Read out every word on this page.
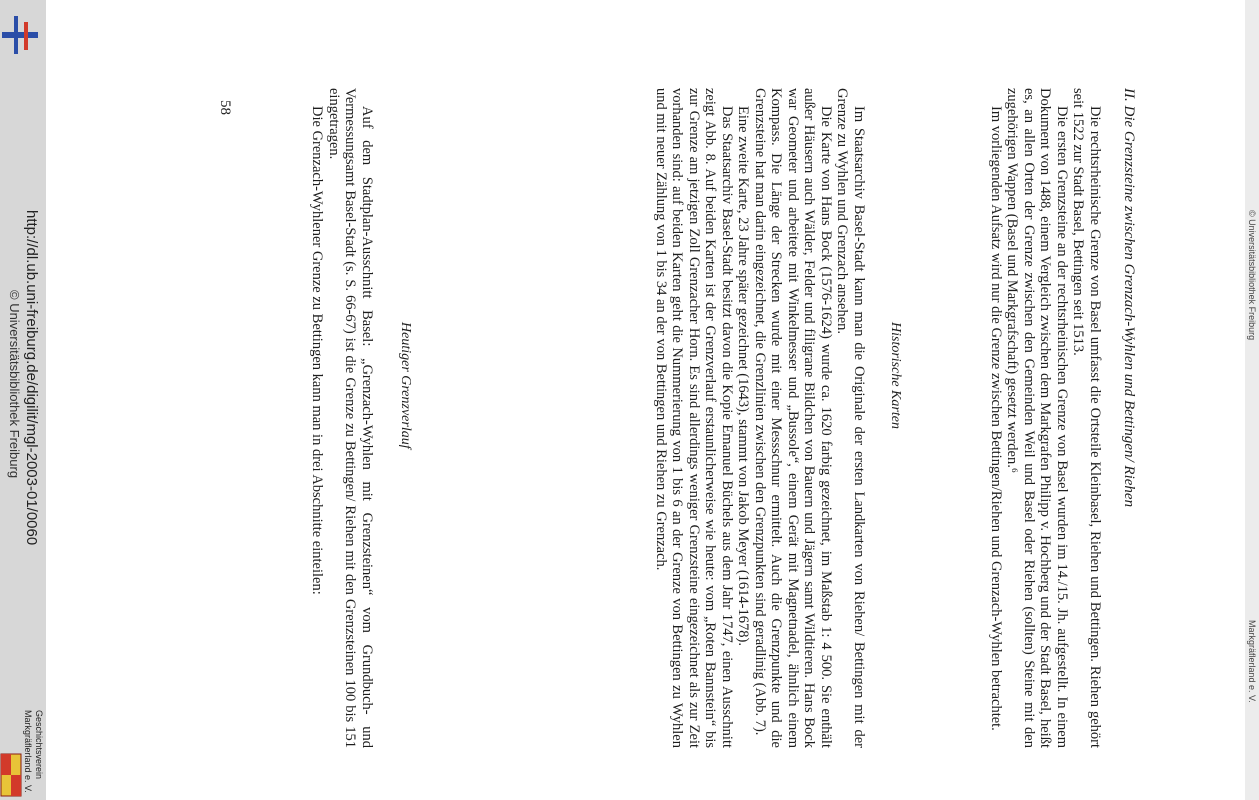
http://dl.ub.uni-freiburg.de/digilit/mgl-2003-01/0060
© Universitätsbibliothek Freiburg	II. Die Grenzsteine zwischen Grenzach-Wyhlen und Bettingen/ Riehen

Die rechtsrheinische Grenze von Basel umfasst die Ortsteile Kleinbasel, Riehen und Bettingen. Riehen gehört seit 1522 zur Stadt Basel, Bettingen seit 1513.

Die ersten Grenzsteine an der rechtsrheinischen Grenze von Basel wurden im 14./15. Jh. aufgestellt. In einem Dokument von 1488, einem Vergleich zwischen dem Markgrafen Philipp v. Hochberg und der Stadt Basel, heißt es, an allen Orten der Grenze zwischen den Gemeinden Weil und Basel oder Riehen (sollten) Steine mit den zugehörigen Wappen (Basel und Markgrafschaft) gesetzt werden.⁶

Im vorliegenden Aufsatz wird nur die Grenze zwischen Bettingen/Riehen und Grenzach-Wyhlen betrachtet.

Historische Karten

Im Staatsarchiv Basel-Stadt kann man die Originale der ersten Landkarten von Riehen/ Bettingen mit der Grenze zu Wyhlen und Grenzach ansehen.

Die Karte von Hans Bock (1576-1624) wurde ca. 1620 farbig gezeichnet, im Maßstab 1: 4 500. Sie enthält außer Häusern auch Wälder, Felder und filigrane Bildchen von Bauern und Jägern samt Wildtieren. Hans Bock war Geometer und arbeitete mit Winkelmesser und „Bussole“, einem Gerät mit Magnetnadel, ähnlich einem Kompass. Die Länge der Strecken wurde mit einer Messschnur ermittelt. Auch die Grenzpunkte und die Grenzsteine hat man darin eingezeichnet, die Grenzlinien zwischen den Grenzpunkten sind geradlinig (Abb. 7).

Eine zweite Karte, 23 Jahre später gezeichnet (1643), stammt von Jakob Meyer (1614-1678).

Das Staatsarchiv Basel-Stadt besitzt davon die Kopie Emanuel Büchels aus dem Jahr 1747, einen Ausschnitt zeigt Abb. 8. Auf beiden Karten ist der Grenzverlauf erstaunlicherweise wie heute: vom „Roten Bannstein“ bis zur Grenze am jetzigen Zoll Grenzacher Horn. Es sind allerdings weniger Grenzsteine eingezeichnet als zur Zeit vorhanden sind: auf beiden Karten geht die Nummerierung von 1 bis 6 an der Grenze von Bettingen zu Wyhlen und mit neuer Zählung von 1 bis 34 an der von Bettingen und Riehen zu Grenzach.

Heutiger Grenzverlauf

Auf dem Stadtplan-Ausschnitt Basel: „Grenzach-Wyhlen mit Grenzsteinen“ vom Grundbuch- und Vermessungsamt Basel-Stadt (s. S. 66-67) ist die Grenze zu Bettingen/ Riehen mit den Grenzsteinen 100 bis 151 eingetragen.

Die Grenzach-Wyhlener Grenze zu Bettingen kann man in drei Abschnitte einteilen:

58
© Universitätsbibliothek Freiburg
Markgräflerland e. V.
Geschichtsverein
Markgräflerland e. V.
